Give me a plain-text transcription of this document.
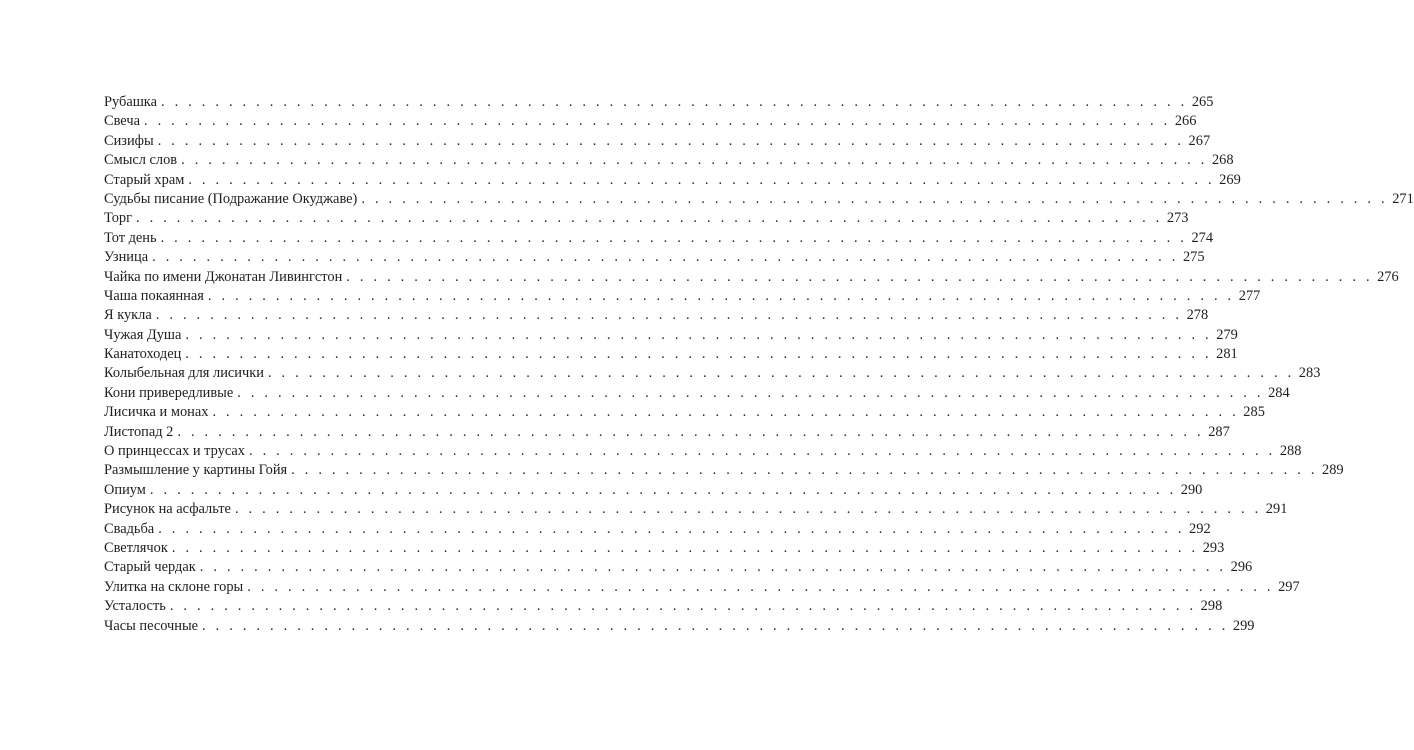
Рубашка . . . . . . . . . . . . . . . . . . . . . . . . . . . . . . . . . . . . . . . . . . . . . . . . . . . . . . . . . . . . . . . . . . . . . . . . . . . . 265
Свеча . . . . . . . . . . . . . . . . . . . . . . . . . . . . . . . . . . . . . . . . . . . . . . . . . . . . . . . . . . . . . . . . . . . . . . . . . . . . 266
Сизифы . . . . . . . . . . . . . . . . . . . . . . . . . . . . . . . . . . . . . . . . . . . . . . . . . . . . . . . . . . . . . . . . . . . . . . . . . . . . 267
Смысл слов . . . . . . . . . . . . . . . . . . . . . . . . . . . . . . . . . . . . . . . . . . . . . . . . . . . . . . . . . . . . . . . . . . . . . . . . . . . . 268
Старый храм . . . . . . . . . . . . . . . . . . . . . . . . . . . . . . . . . . . . . . . . . . . . . . . . . . . . . . . . . . . . . . . . . . . . . . . . . . . . 269
Судьбы писание (Подражание Окуджаве) . . . . . . . . . . . . . . . . . . . . . . . . . . . . . . . . . . . . . . . . . . . . . . . . . . . . . . . . . . . . . . . . . . . . . . . . . . . . 271
Торг . . . . . . . . . . . . . . . . . . . . . . . . . . . . . . . . . . . . . . . . . . . . . . . . . . . . . . . . . . . . . . . . . . . . . . . . . . . . 273
Тот день . . . . . . . . . . . . . . . . . . . . . . . . . . . . . . . . . . . . . . . . . . . . . . . . . . . . . . . . . . . . . . . . . . . . . . . . . . . . 274
Узница . . . . . . . . . . . . . . . . . . . . . . . . . . . . . . . . . . . . . . . . . . . . . . . . . . . . . . . . . . . . . . . . . . . . . . . . . . . . 275
Чайка по имени Джонатан Ливингстон . . . . . . . . . . . . . . . . . . . . . . . . . . . . . . . . . . . . . . . . . . . . . . . . . . . . . . . . . . . . . . . . . . . . . . . . . . . . 276
Чаша покаянная . . . . . . . . . . . . . . . . . . . . . . . . . . . . . . . . . . . . . . . . . . . . . . . . . . . . . . . . . . . . . . . . . . . . . . . . . . . . 277
Я кукла . . . . . . . . . . . . . . . . . . . . . . . . . . . . . . . . . . . . . . . . . . . . . . . . . . . . . . . . . . . . . . . . . . . . . . . . . . . . 278
Чужая Душа . . . . . . . . . . . . . . . . . . . . . . . . . . . . . . . . . . . . . . . . . . . . . . . . . . . . . . . . . . . . . . . . . . . . . . . . . . . . 279
Канатоходец . . . . . . . . . . . . . . . . . . . . . . . . . . . . . . . . . . . . . . . . . . . . . . . . . . . . . . . . . . . . . . . . . . . . . . . . . . . . 281
Колыбельная для лисички . . . . . . . . . . . . . . . . . . . . . . . . . . . . . . . . . . . . . . . . . . . . . . . . . . . . . . . . . . . . . . . . . . . . . . . . . . . . 283
Кони привередливые . . . . . . . . . . . . . . . . . . . . . . . . . . . . . . . . . . . . . . . . . . . . . . . . . . . . . . . . . . . . . . . . . . . . . . . . . . . . 284
Лисичка и монах . . . . . . . . . . . . . . . . . . . . . . . . . . . . . . . . . . . . . . . . . . . . . . . . . . . . . . . . . . . . . . . . . . . . . . . . . . . . 285
Листопад 2 . . . . . . . . . . . . . . . . . . . . . . . . . . . . . . . . . . . . . . . . . . . . . . . . . . . . . . . . . . . . . . . . . . . . . . . . . . . . 287
О принцессах и трусах . . . . . . . . . . . . . . . . . . . . . . . . . . . . . . . . . . . . . . . . . . . . . . . . . . . . . . . . . . . . . . . . . . . . . . . . . . . . 288
Размышление у картины Гойя . . . . . . . . . . . . . . . . . . . . . . . . . . . . . . . . . . . . . . . . . . . . . . . . . . . . . . . . . . . . . . . . . . . . . . . . . . . . 289
Опиум . . . . . . . . . . . . . . . . . . . . . . . . . . . . . . . . . . . . . . . . . . . . . . . . . . . . . . . . . . . . . . . . . . . . . . . . . . . . 290
Рисунок на асфальте . . . . . . . . . . . . . . . . . . . . . . . . . . . . . . . . . . . . . . . . . . . . . . . . . . . . . . . . . . . . . . . . . . . . . . . . . . . . 291
Свадьба . . . . . . . . . . . . . . . . . . . . . . . . . . . . . . . . . . . . . . . . . . . . . . . . . . . . . . . . . . . . . . . . . . . . . . . . . . . . 292
Светлячок . . . . . . . . . . . . . . . . . . . . . . . . . . . . . . . . . . . . . . . . . . . . . . . . . . . . . . . . . . . . . . . . . . . . . . . . . . . . 293
Старый чердак . . . . . . . . . . . . . . . . . . . . . . . . . . . . . . . . . . . . . . . . . . . . . . . . . . . . . . . . . . . . . . . . . . . . . . . . . . . . 296
Улитка на склоне горы . . . . . . . . . . . . . . . . . . . . . . . . . . . . . . . . . . . . . . . . . . . . . . . . . . . . . . . . . . . . . . . . . . . . . . . . . . . . 297
Усталость . . . . . . . . . . . . . . . . . . . . . . . . . . . . . . . . . . . . . . . . . . . . . . . . . . . . . . . . . . . . . . . . . . . . . . . . . . . . 298
Часы песочные . . . . . . . . . . . . . . . . . . . . . . . . . . . . . . . . . . . . . . . . . . . . . . . . . . . . . . . . . . . . . . . . . . . . . . . . . . . . 299
